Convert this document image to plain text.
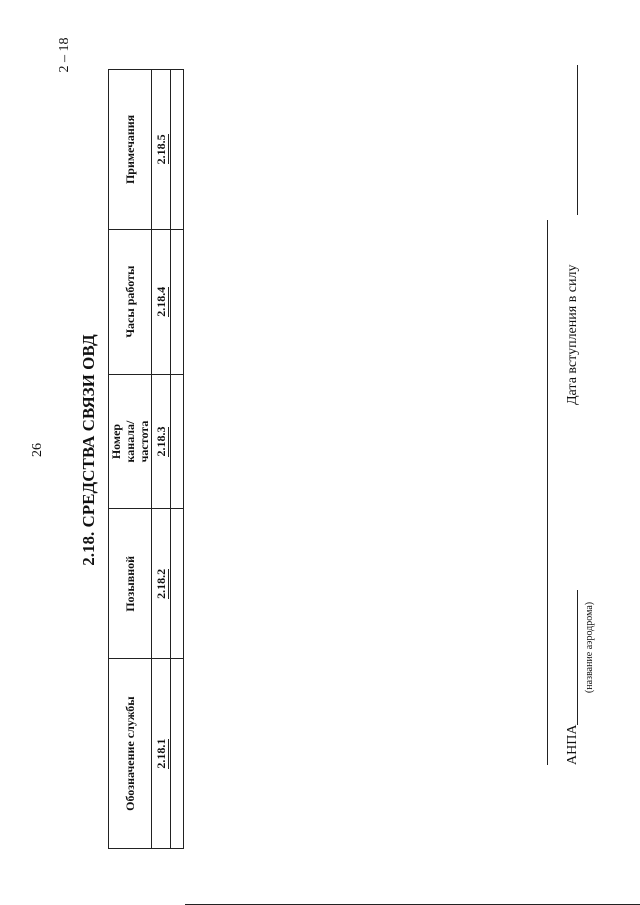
26
2 – 18
2.18. СРЕДСТВА СВЯЗИ ОВД
Обозначение службы	Позывной	Номер канала/частота	Часы работы	Примечания
2.18.1	2.18.2	2.18.3	2.18.4	2.18.5

АНПА
(название аэродрома)
Дата вступления в силу
